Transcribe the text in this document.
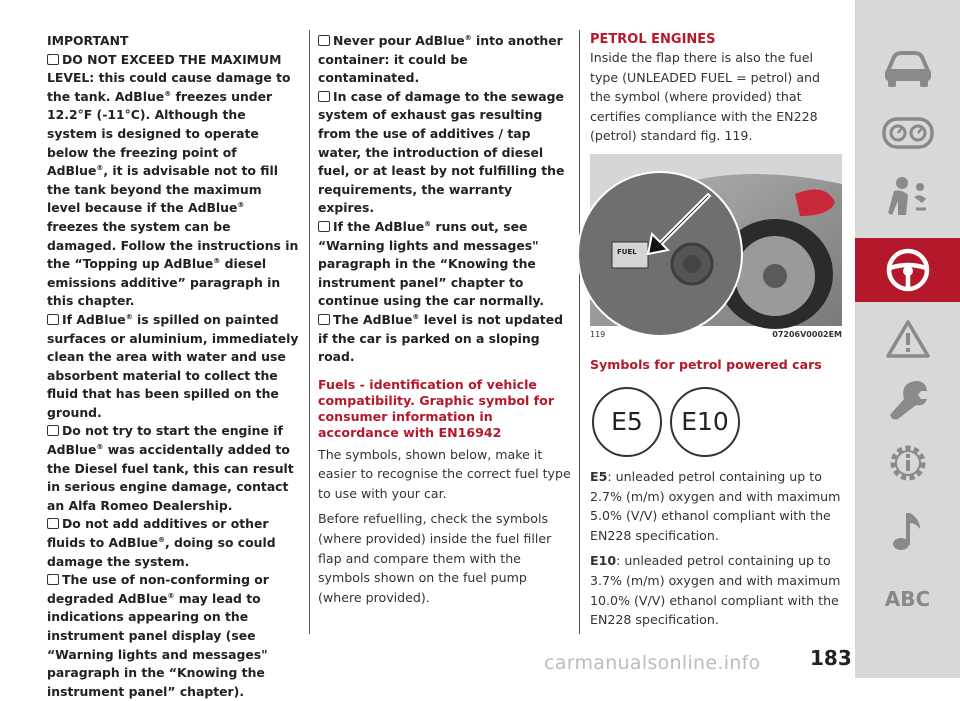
IMPORTANT
DO NOT EXCEED THE MAXIMUM LEVEL: this could cause damage to the tank. AdBlue® freezes under 12.2°F (-11°C). Although the system is designed to operate below the freezing point of AdBlue®, it is advisable not to fill the tank beyond the maximum level because if the AdBlue® freezes the system can be damaged. Follow the instructions in the “Topping up AdBlue® diesel emissions additive” paragraph in this chapter.
If AdBlue® is spilled on painted surfaces or aluminium, immediately clean the area with water and use absorbent material to collect the fluid that has been spilled on the ground.
Do not try to start the engine if AdBlue® was accidentally added to the Diesel fuel tank, this can result in serious engine damage, contact an Alfa Romeo Dealership.
Do not add additives or other fluids to AdBlue®, doing so could damage the system.
The use of non-conforming or degraded AdBlue® may lead to indications appearing on the instrument panel display (see “Warning lights and messages" paragraph in the “Knowing the instrument panel” chapter).
Never pour AdBlue® into another container: it could be contaminated.
In case of damage to the sewage system of exhaust gas resulting from the use of additives / tap water, the introduction of diesel fuel, or at least by not fulfilling the requirements, the warranty expires.
If the AdBlue® runs out, see “Warning lights and messages" paragraph in the “Knowing the instrument panel” chapter to continue using the car normally.
The AdBlue® level is not updated if the car is parked on a sloping road.
Fuels - identification of vehicle compatibility. Graphic symbol for consumer information in accordance with EN16942

The symbols, shown below, make it easier to recognise the correct fuel type to use with your car.

Before refuelling, check the symbols (where provided) inside the fuel filler flap and compare them with the symbols shown on the fuel pump (where provided).

PETROL ENGINES
Inside the flap there is also the fuel type (UNLEADED FUEL = petrol) and the symbol (where provided) that certifies compliance with the EN228 (petrol) standard fig. 119.
FUEL
119	07206V0002EM
Symbols for petrol powered cars
E5	E10

E5: unleaded petrol containing up to 2.7% (m/m) oxygen and with maximum 5.0% (V/V) ethanol compliant with the EN228 specification.

E10: unleaded petrol containing up to 3.7% (m/m) oxygen and with maximum 10.0% (V/V) ethanol compliant with the EN228 specification.

ABC
183
carmanualsonline.info
